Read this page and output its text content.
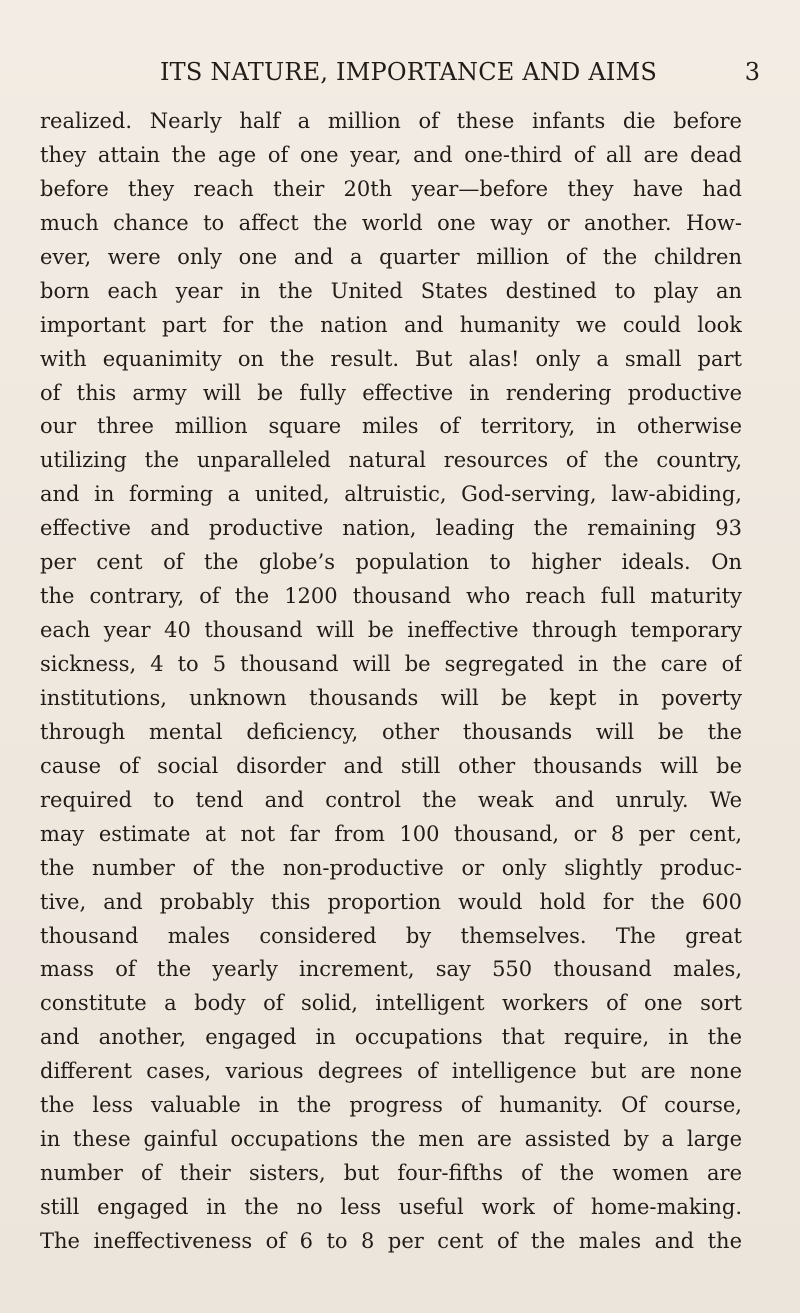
ITS NATURE, IMPORTANCE AND AIMS	3
realized. Nearly half a million of these infants die before
they attain the age of one year, and one-third of all are dead
before they reach their 20th year—before they have had
much chance to affect the world one way or another. How-
ever, were only one and a quarter million of the children
born each year in the United States destined to play an
important part for the nation and humanity we could look
with equanimity on the result. But alas! only a small part
of this army will be fully effective in rendering productive
our three million square miles of territory, in otherwise
utilizing the unparalleled natural resources of the country,
and in forming a united, altruistic, God-serving, law-abiding,
effective and productive nation, leading the remaining 93
per cent of the globe’s population to higher ideals. On
the contrary, of the 1200 thousand who reach full maturity
each year 40 thousand will be ineffective through temporary
sickness, 4 to 5 thousand will be segregated in the care of
institutions, unknown thousands will be kept in poverty
through mental deficiency, other thousands will be the
cause of social disorder and still other thousands will be
required to tend and control the weak and unruly. We
may estimate at not far from 100 thousand, or 8 per cent,
the number of the non-productive or only slightly produc-
tive, and probably this proportion would hold for the 600
thousand males considered by themselves. The great
mass of the yearly increment, say 550 thousand males,
constitute a body of solid, intelligent workers of one sort
and another, engaged in occupations that require, in the
different cases, various degrees of intelligence but are none
the less valuable in the progress of humanity. Of course,
in these gainful occupations the men are assisted by a large
number of their sisters, but four-fifths of the women are
still engaged in the no less useful work of home-making.
The ineffectiveness of 6 to 8 per cent of the males and the
